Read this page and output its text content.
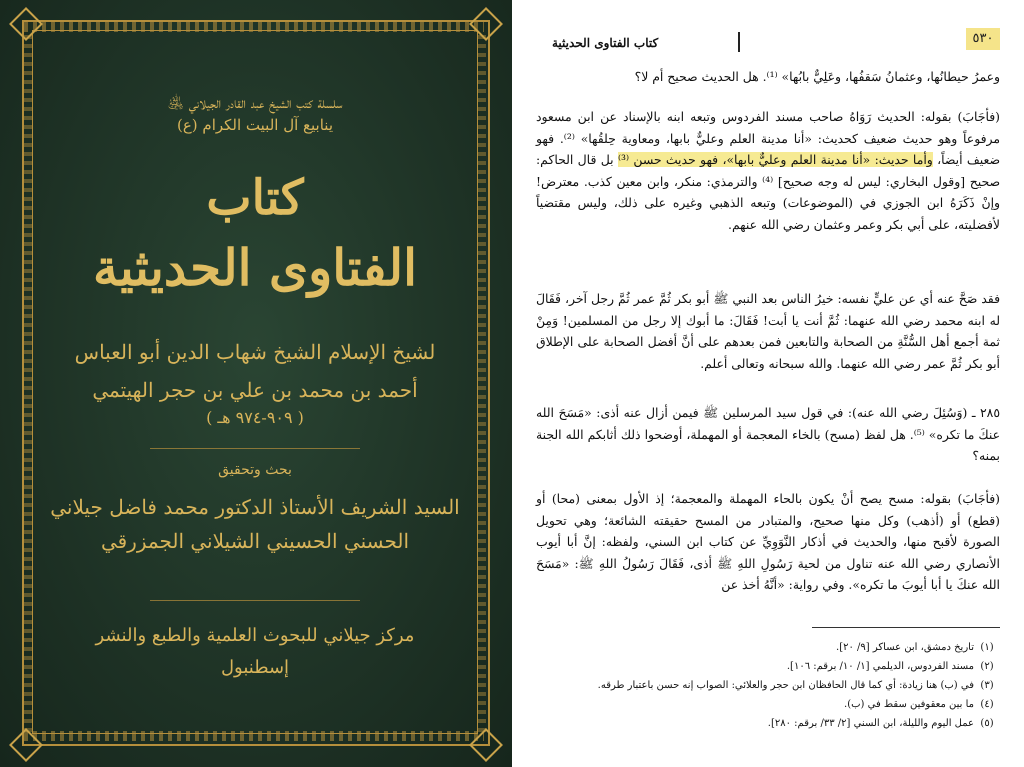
سلسلة كتب الشيخ عبد القادر الجيلاني ﵁
ينابيع آل البيت الكرام (ع)
كتاب
الفتاوى الحديثية
لشيخ الإسلام الشيخ شهاب الدين أبو العباس
أحمد بن محمد بن علي بن حجر الهيتمي
( ٩٠٩-٩٧٤ هـ )
بحث وتحقيق
السيد الشريف الأستاذ الدكتور محمد فاضل جيلاني
الحسني الحسيني الشيلاني الجمزرقي
مركز جيلاني للبحوث العلمية والطبع والنشر
إسطنبول
كتاب الفتاوى الحديثية	٥٣٠
وعمرُ حيطانُها، وعثمانُ سَقفُها، وعَلِيٌّ بابُها» ⁽¹⁾. هل الحديث صحيح أم لا؟
(فأجَابَ) بقوله: الحديث رَوَاهُ صاحب مسند الفردوس وتبعه ابنه بالإسناد عن ابن مسعود مرفوعاً وهو حديث ضعيف كحديث: «أنا مدينة العلم وعليٌّ بابها، ومعاوية حِلقُها» ⁽²⁾. فهو ضعيف أيضاً، وأما حديث: «أنا مدينة العلم وعليٌّ بابها»، فهو حديث حسن ⁽³⁾ بل قال الحاكم: صحيح [وقول البخاري: ليس له وجه صحيح] ⁽⁴⁾ والترمذي: منكر، وابن معين كذب. معترض! وإنْ ذَكَرَهُ ابن الجوزي في (الموضوعات) وتبعه الذهبي وغيره على ذلك، وليس مقتضياً لأفضليته، على أبي بكر وعمر وعثمان رضي الله عنهم.
فقد صَحَّ عنه أي عن عليٍّ نفسه: خيرُ الناس بعد النبي ﷺ أبو بكر ثُمَّ عمر ثُمَّ رجل آخر، فَقَالَ له ابنه محمد رضي الله عنهما: ثُمَّ أنت يا أبت! فَقَالَ: ما أبوك إلا رجل من المسلمين! وَمِنْ ثمة أجمع أهل السُّنَّةِ من الصحابة والتابعين فمن بعدهم على أنَّ أفضل الصحابة على الإطلاق أبو بكر ثُمَّ عمر رضي الله عنهما. والله سبحانه وتعالى أعلم.
٢٨٥ ـ (وَسُئِلَ رضي الله عنه): في قول سيد المرسلين ﷺ فيمن أزال عنه أذى: «مَسَحَ الله عنكَ ما تكره» ⁽⁵⁾. هل لفظ (مسح) بالخاء المعجمة أو المهملة، أوضحوا ذلك أثابكم الله الجنة بمنه؟
(فأجَابَ) بقوله: مسح يصح أنْ يكون بالحاء المهملة والمعجمة؛ إذ الأول بمعنى (محا) أو (قطع) أو (أذهب) وكل منها صحيح، والمتبادر من المسح حقيقته الشائعة؛ وهي تحويل الصورة لأقبح منها، والحديث في أذكار النَّوَوِيِّ عن كتاب ابن السني، ولفظه: إنَّ أبا أيوب الأنصاري رضي الله عنه تناول من لحية رَسُولِ اللهِ ﷺ أذى، فَقَالَ رَسُولُ اللهِ ﷺ: «مَسَحَ الله عنكَ يا أبا أيوبَ ما تكره». وفي رواية: «أنَّهُ أخذ عن
(١)تاريخ دمشق، ابن عساكر [٩/ ٢٠].
(٢)مسند الفردوس، الديلمي [١/ ١٠/ برقم: ١٠٦].
(٣)في (ب) هنا زيادة: أي كما قال الحافظان ابن حجر والعلائي: الصواب إنه حسن باعتبار طرقه.
(٤)ما بين معقوفين سقط في (ب).
(٥)عمل اليوم والليلة، ابن السني [٢/ ٣٣/ برقم: ٢٨٠].
